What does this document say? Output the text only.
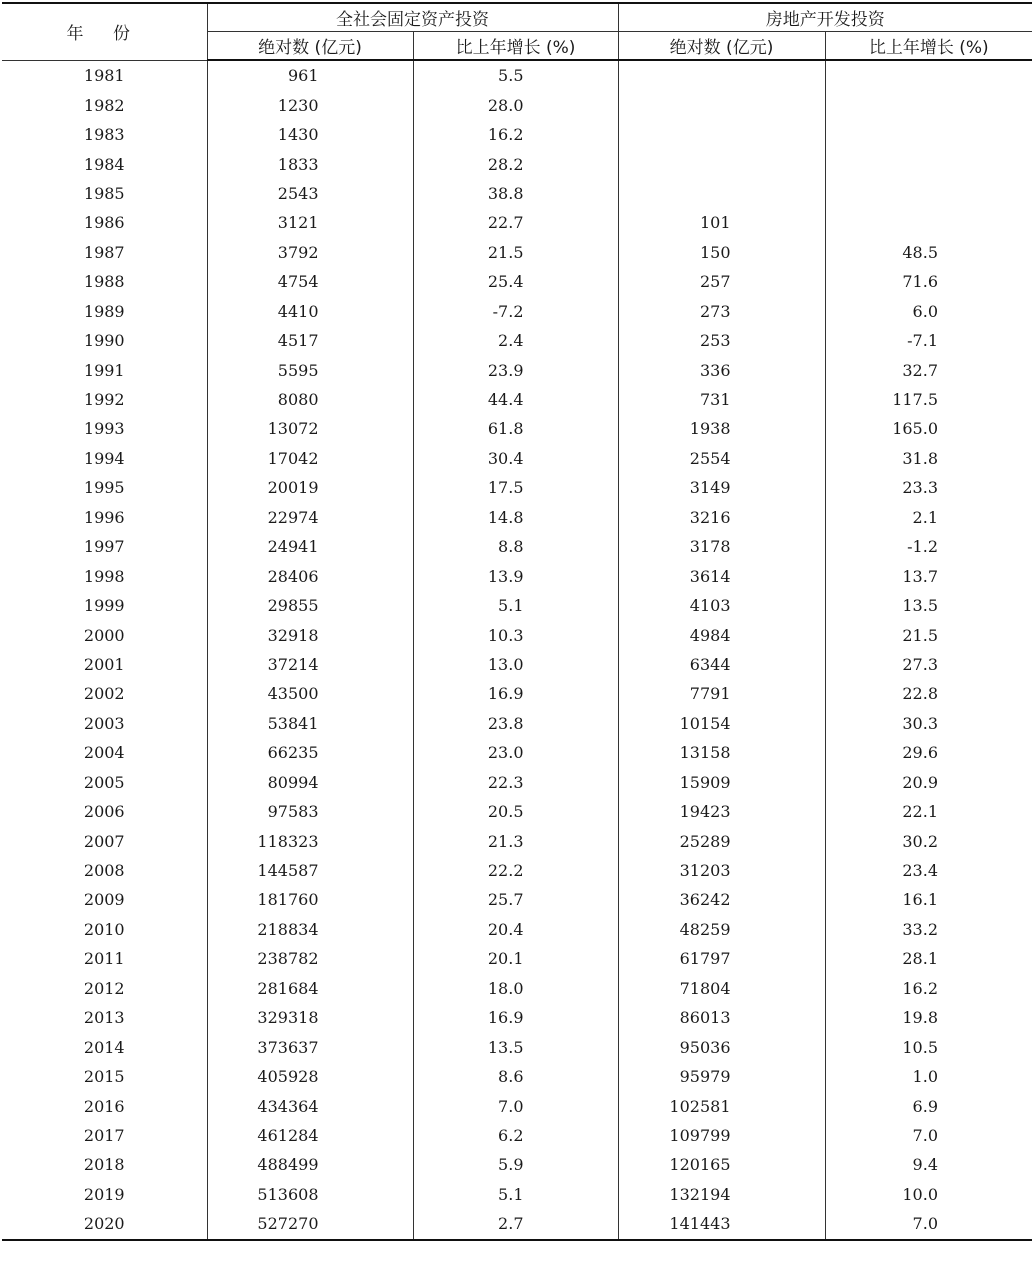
年 份	全社会固定资产投资		房地产开发投资	
	绝对数 (亿元)	比上年增长 (%)	绝对数 (亿元)	比上年增长 (%)
1981	961	5.5		
1982	1230	28.0		
1983	1430	16.2		
1984	1833	28.2		
1985	2543	38.8		
1986	3121	22.7	101	
1987	3792	21.5	150	48.5
1988	4754	25.4	257	71.6
1989	4410	-7.2	273	6.0
1990	4517	2.4	253	-7.1
1991	5595	23.9	336	32.7
1992	8080	44.4	731	117.5
1993	13072	61.8	1938	165.0
1994	17042	30.4	2554	31.8
1995	20019	17.5	3149	23.3
1996	22974	14.8	3216	2.1
1997	24941	8.8	3178	-1.2
1998	28406	13.9	3614	13.7
1999	29855	5.1	4103	13.5
2000	32918	10.3	4984	21.5
2001	37214	13.0	6344	27.3
2002	43500	16.9	7791	22.8
2003	53841	23.8	10154	30.3
2004	66235	23.0	13158	29.6
2005	80994	22.3	15909	20.9
2006	97583	20.5	19423	22.1
2007	118323	21.3	25289	30.2
2008	144587	22.2	31203	23.4
2009	181760	25.7	36242	16.1
2010	218834	20.4	48259	33.2
2011	238782	20.1	61797	28.1
2012	281684	18.0	71804	16.2
2013	329318	16.9	86013	19.8
2014	373637	13.5	95036	10.5
2015	405928	8.6	95979	1.0
2016	434364	7.0	102581	6.9
2017	461284	6.2	109799	7.0
2018	488499	5.9	120165	9.4
2019	513608	5.1	132194	10.0
2020	527270	2.7	141443	7.0
